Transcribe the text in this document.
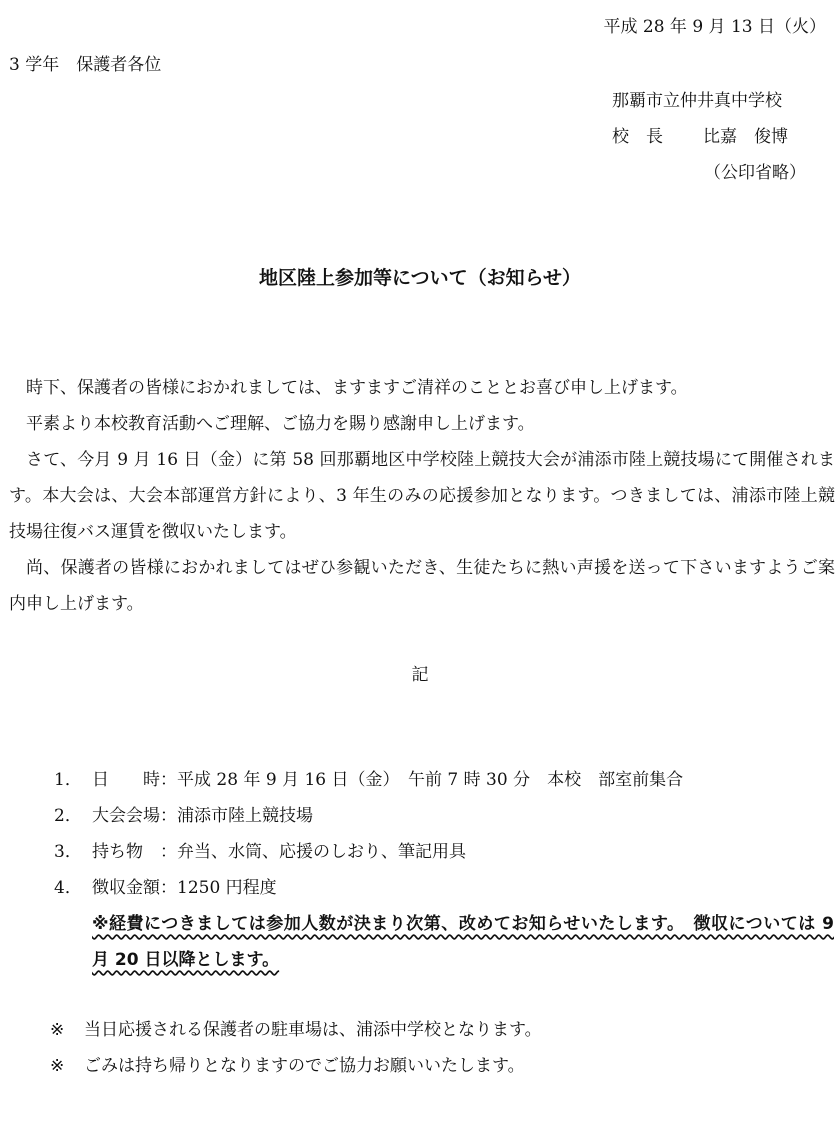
平成 28 年 9 月 13 日（火）
3 学年　保護者各位
那覇市立仲井真中学校
校　長 比嘉　俊博
（公印省略）
地区陸上参加等について（お知らせ）

時下、保護者の皆様におかれましては、ますますご清祥のこととお喜び申し上げます。

平素より本校教育活動へご理解、ご協力を賜り感謝申し上げます。

さて、今月 9 月 16 日（金）に第 58 回那覇地区中学校陸上競技大会が浦添市陸上競技場にて開催されます。本大会は、大会本部運営方針により、3 年生のみの応援参加となります。つきましては、浦添市陸上競技場往復バス運賃を徴収いたします。

尚、保護者の皆様におかれましてはぜひ参観いただき、生徒たちに熱い声援を送って下さいますようご案内申し上げます。

記
1． 日　　時：平成 28 年 9 月 16 日（金）　午前 7 時 30 分　本校　部室前集合
2． 大会会場：浦添市陸上競技場
3． 持ち物　：弁当、水筒、応援のしおり、筆記用具
4． 徴収金額：1250 円程度
※経費につきましては参加人数が決まり次第、改めてお知らせいたします。　徴収については 9 月 20 日以降とします。
※ 当日応援される保護者の駐車場は、浦添中学校となります。
※ ごみは持ち帰りとなりますのでご協力お願いいたします。
